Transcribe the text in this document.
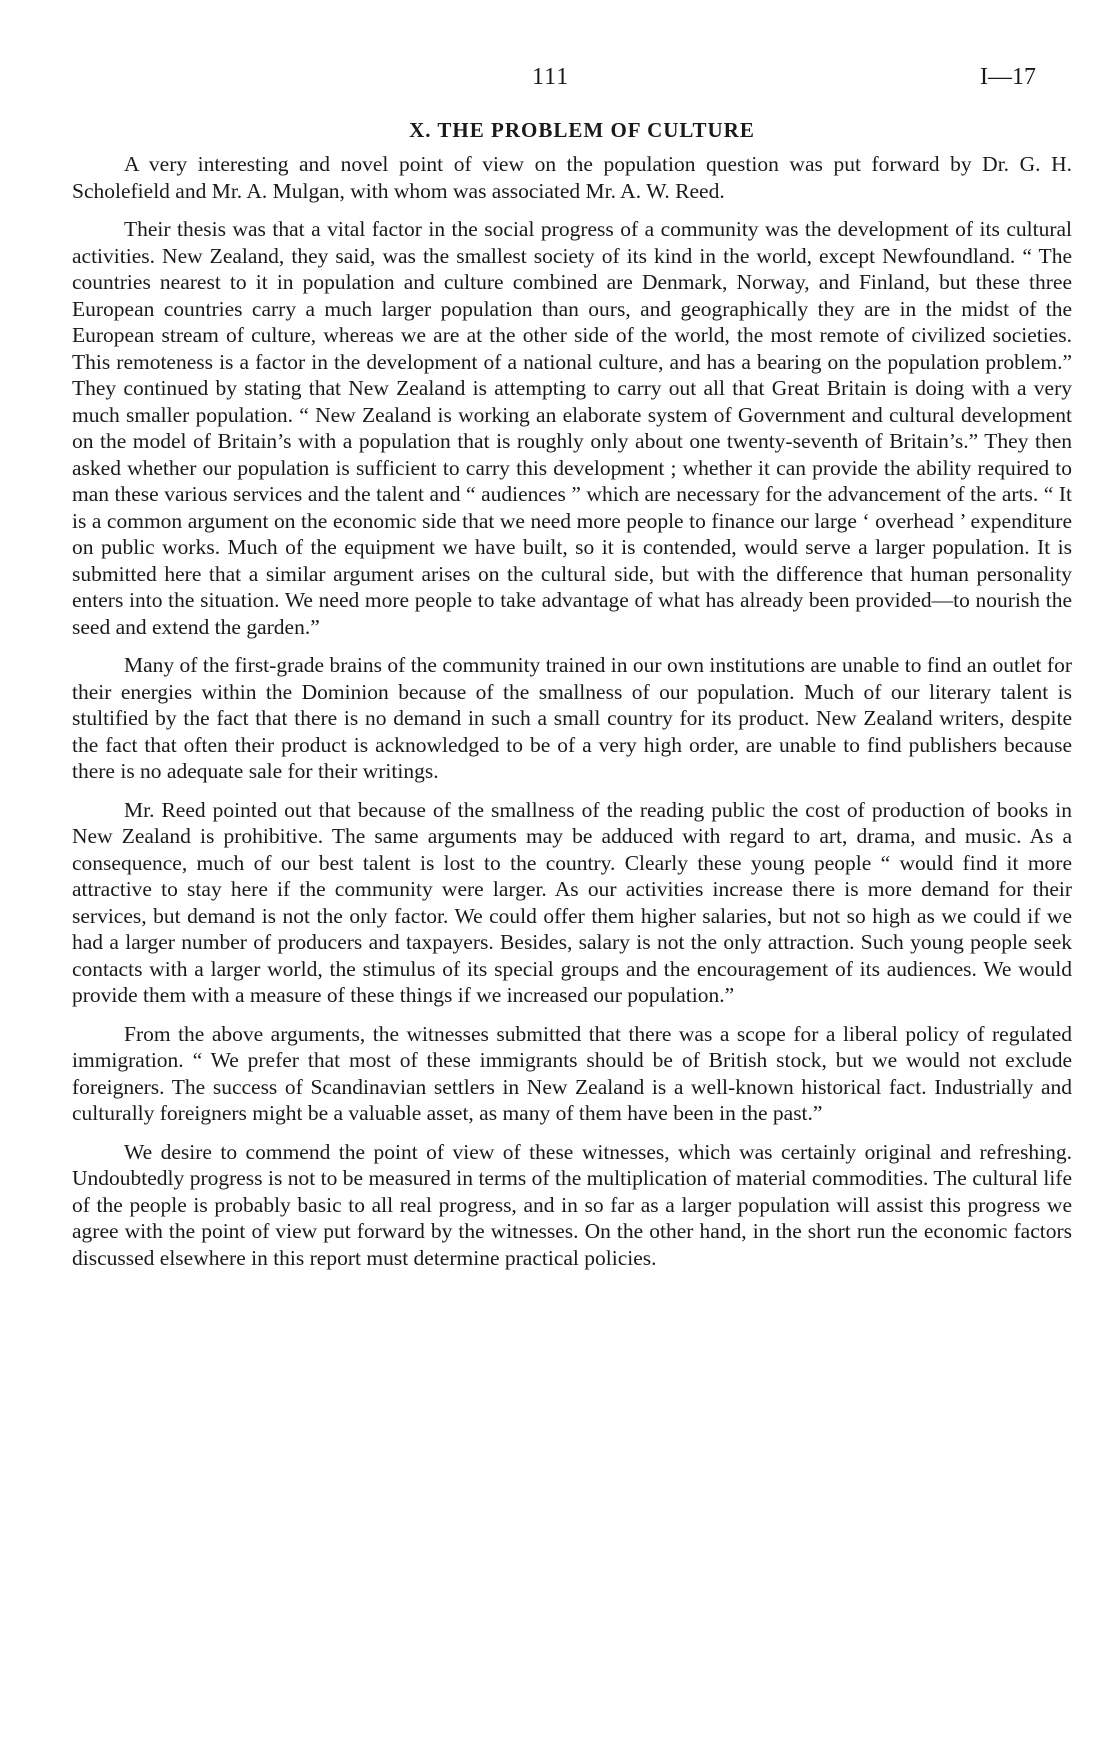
111	I—17
X. THE PROBLEM OF CULTURE

A very interesting and novel point of view on the population question was put forward by Dr. G. H. Scholefield and Mr. A. Mulgan, with whom was associated Mr. A. W. Reed.

Their thesis was that a vital factor in the social progress of a community was the development of its cultural activities. New Zealand, they said, was the smallest society of its kind in the world, except Newfoundland. “ The countries nearest to it in population and culture combined are Denmark, Norway, and Finland, but these three European countries carry a much larger population than ours, and geographically they are in the midst of the European stream of culture, whereas we are at the other side of the world, the most remote of civilized societies. This remoteness is a factor in the development of a national culture, and has a bearing on the population problem.” They continued by stating that New Zealand is attempting to carry out all that Great Britain is doing with a very much smaller population. “ New Zealand is working an elaborate system of Government and cultural development on the model of Britain’s with a population that is roughly only about one twenty-seventh of Britain’s.” They then asked whether our population is sufficient to carry this development ; whether it can provide the ability required to man these various services and the talent and “ audiences ” which are necessary for the advancement of the arts. “ It is a common argument on the economic side that we need more people to finance our large ‘ overhead ’ expenditure on public works. Much of the equipment we have built, so it is contended, would serve a larger population. It is submitted here that a similar argument arises on the cultural side, but with the difference that human personality enters into the situation. We need more people to take advantage of what has already been provided—to nourish the seed and extend the garden.”

Many of the first-grade brains of the community trained in our own institutions are unable to find an outlet for their energies within the Dominion because of the smallness of our population. Much of our literary talent is stultified by the fact that there is no demand in such a small country for its product. New Zealand writers, despite the fact that often their product is acknowledged to be of a very high order, are unable to find publishers because there is no adequate sale for their writings.

Mr. Reed pointed out that because of the smallness of the reading public the cost of production of books in New Zealand is prohibitive. The same arguments may be adduced with regard to art, drama, and music. As a consequence, much of our best talent is lost to the country. Clearly these young people “ would find it more attractive to stay here if the community were larger. As our activities increase there is more demand for their services, but demand is not the only factor. We could offer them higher salaries, but not so high as we could if we had a larger number of producers and taxpayers. Besides, salary is not the only attraction. Such young people seek contacts with a larger world, the stimulus of its special groups and the encouragement of its audiences. We would provide them with a measure of these things if we increased our population.”

From the above arguments, the witnesses submitted that there was a scope for a liberal policy of regulated immigration. “ We prefer that most of these immigrants should be of British stock, but we would not exclude foreigners. The success of Scandinavian settlers in New Zealand is a well-known historical fact. Industrially and culturally foreigners might be a valuable asset, as many of them have been in the past.”

We desire to commend the point of view of these witnesses, which was certainly original and refreshing. Undoubtedly progress is not to be measured in terms of the multiplication of material commodities. The cultural life of the people is probably basic to all real progress, and in so far as a larger population will assist this progress we agree with the point of view put forward by the witnesses. On the other hand, in the short run the economic factors discussed elsewhere in this report must determine practical policies.
